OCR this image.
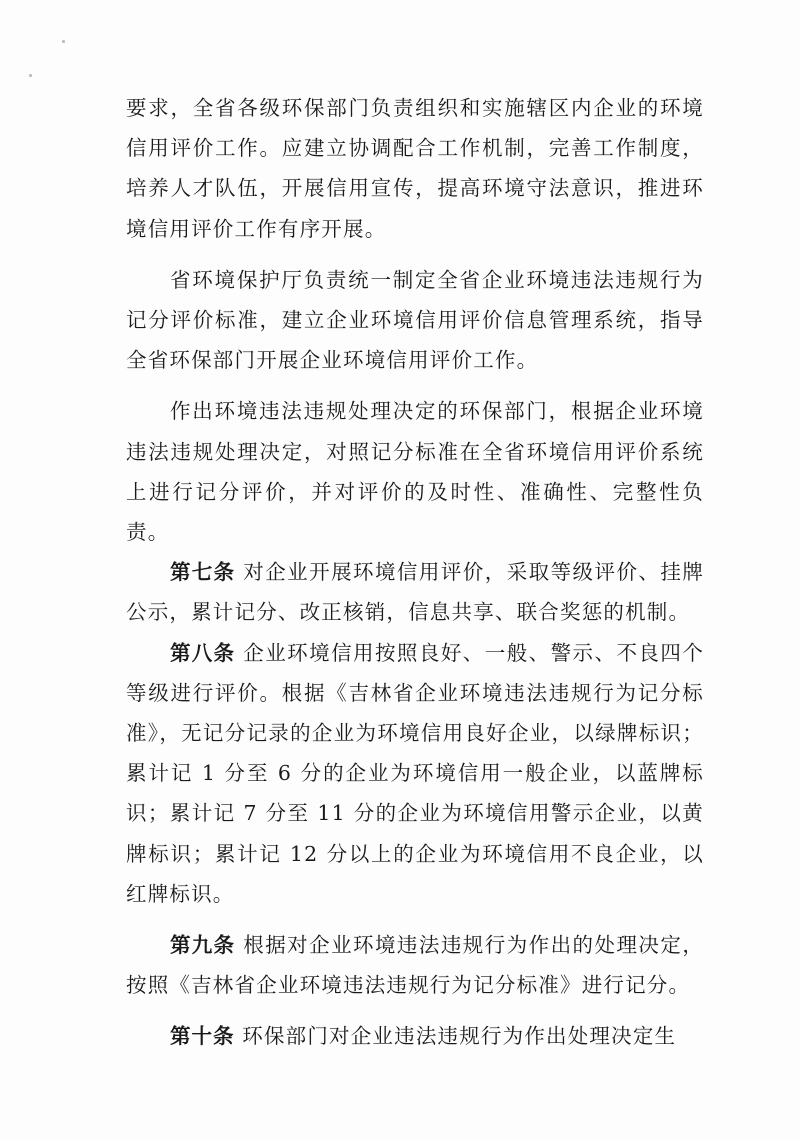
要求，全省各级环保部门负责组织和实施辖区内企业的环境信用评价工作。应建立协调配合工作机制，完善工作制度，培养人才队伍，开展信用宣传，提高环境守法意识，推进环境信用评价工作有序开展。

省环境保护厅负责统一制定全省企业环境违法违规行为记分评价标准，建立企业环境信用评价信息管理系统，指导全省环保部门开展企业环境信用评价工作。

作出环境违法违规处理决定的环保部门，根据企业环境违法违规处理决定，对照记分标准在全省环境信用评价系统上进行记分评价，并对评价的及时性、准确性、完整性负责。

第七条 对企业开展环境信用评价，采取等级评价、挂牌公示，累计记分、改正核销，信息共享、联合奖惩的机制。

第八条 企业环境信用按照良好、一般、警示、不良四个等级进行评价。根据《吉林省企业环境违法违规行为记分标准》，无记分记录的企业为环境信用良好企业，以绿牌标识；累计记 1 分至 6 分的企业为环境信用一般企业，以蓝牌标识；累计记 7 分至 11 分的企业为环境信用警示企业，以黄牌标识；累计记 12 分以上的企业为环境信用不良企业，以红牌标识。

第九条 根据对企业环境违法违规行为作出的处理决定，按照《吉林省企业环境违法违规行为记分标准》进行记分。

第十条 环保部门对企业违法违规行为作出处理决定生
